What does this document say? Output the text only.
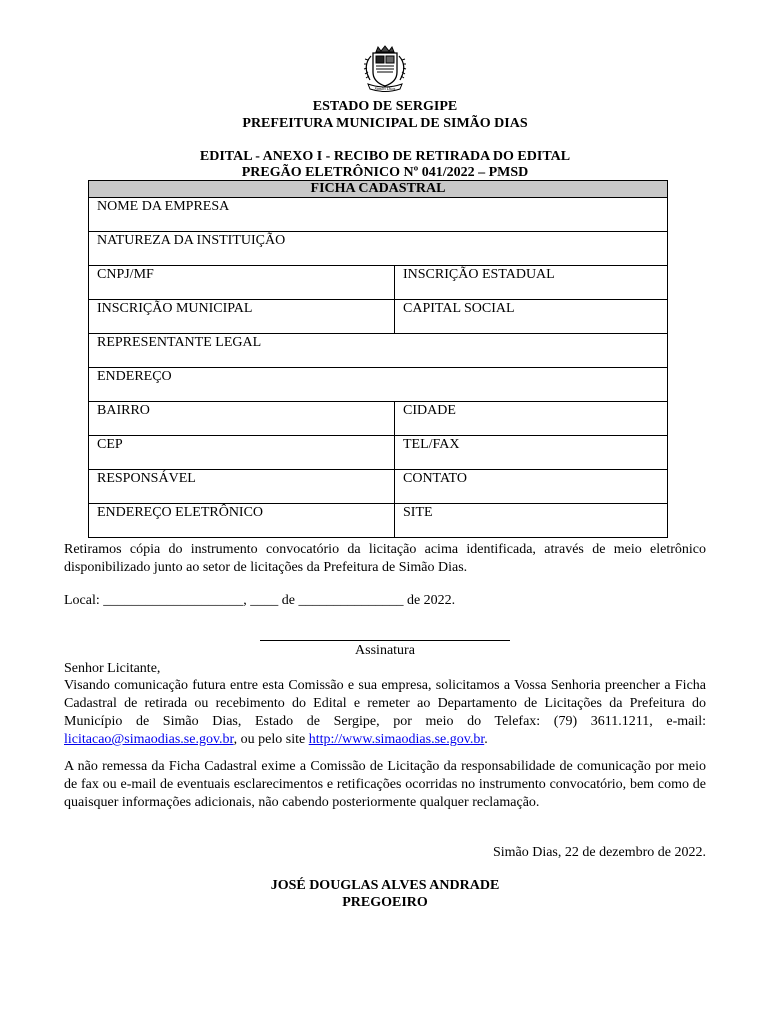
Simão Dias
ESTADO DE SERGIPE
PREFEITURA MUNICIPAL DE SIMÃO DIAS
EDITAL - ANEXO I - RECIBO DE RETIRADA DO EDITAL
PREGÃO ELETRÔNICO Nº 041/2022 – PMSD
FICHA CADASTRAL	

NOME DA EMPRESA	

NATUREZA DA INSTITUIÇÃO	

CNPJ/MF	INSCRIÇÃO ESTADUAL

INSCRIÇÃO MUNICIPAL	CAPITAL SOCIAL

REPRESENTANTE LEGAL	

ENDEREÇO	

BAIRRO	CIDADE

CEP	TEL/FAX

RESPONSÁVEL	CONTATO

ENDEREÇO ELETRÔNICO	SITE

Retiramos cópia do instrumento convocatório da licitação acima identificada, através de meio eletrônico disponibilizado junto ao setor de licitações da Prefeitura de Simão Dias.

Local: ____________________, ____ de _______________ de 2022.

Assinatura

Senhor Licitante,

Visando comunicação futura entre esta Comissão e sua empresa, solicitamos a Vossa Senhoria preencher a Ficha Cadastral de retirada ou recebimento do Edital e remeter ao Departamento de Licitações da Prefeitura do Município de Simão Dias, Estado de Sergipe, por meio do Telefax: (79) 3611.1211, e-mail: licitacao@simaodias.se.gov.br, ou pelo site http://www.simaodias.se.gov.br.

A não remessa da Ficha Cadastral exime a Comissão de Licitação da responsabilidade de comunicação por meio de fax ou e-mail de eventuais esclarecimentos e retificações ocorridas no instrumento convocatório, bem como de quaisquer informações adicionais, não cabendo posteriormente qualquer reclamação.

Simão Dias, 22 de dezembro de 2022.

JOSÉ DOUGLAS ALVES ANDRADE
PREGOEIRO
